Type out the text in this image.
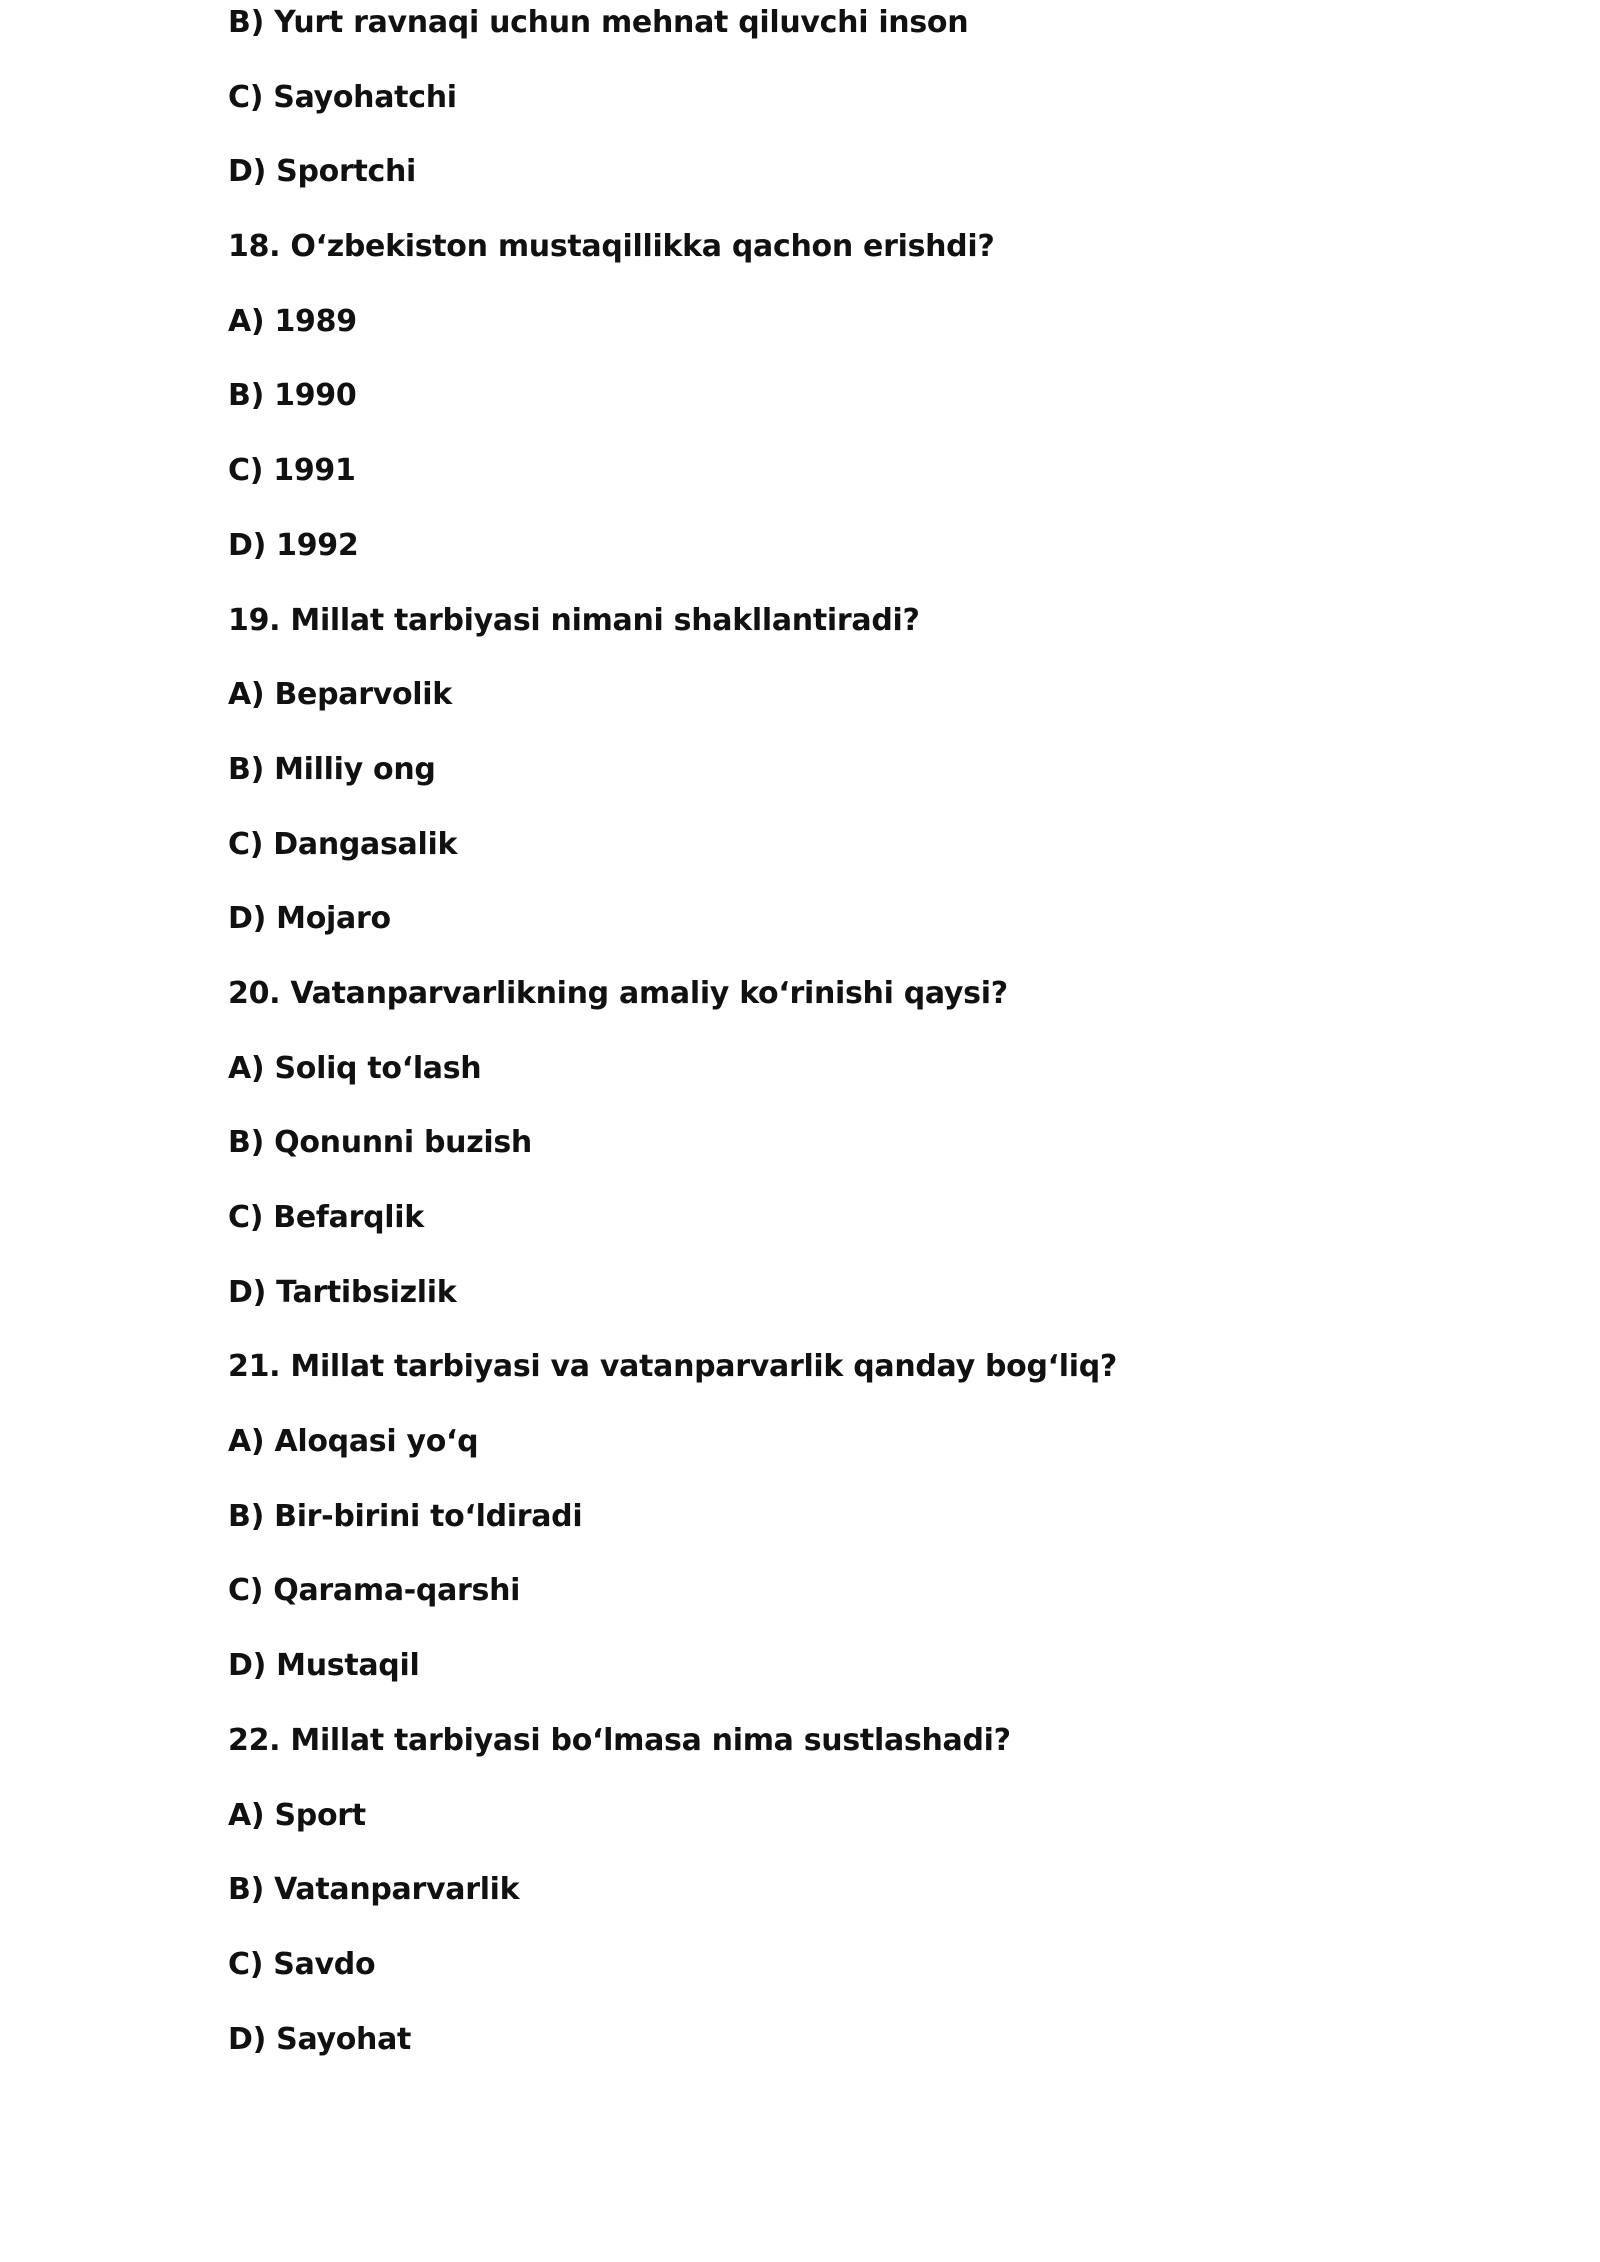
B) Yurt ravnaqi uchun mehnat qiluvchi inson
C) Sayohatchi
D) Sportchi
18. O‘zbekiston mustaqillikka qachon erishdi?
A) 1989
B) 1990
C) 1991
D) 1992
19. Millat tarbiyasi nimani shakllantiradi?
A) Beparvolik
B) Milliy ong
C) Dangasalik
D) Mojaro
20. Vatanparvarlikning amaliy ko‘rinishi qaysi?
A) Soliq to‘lash
B) Qonunni buzish
C) Befarqlik
D) Tartibsizlik
21. Millat tarbiyasi va vatanparvarlik qanday bog‘liq?
A) Aloqasi yo‘q
B) Bir-birini to‘ldiradi
C) Qarama-qarshi
D) Mustaqil
22. Millat tarbiyasi bo‘lmasa nima sustlashadi?
A) Sport
B) Vatanparvarlik
C) Savdo
D) Sayohat
